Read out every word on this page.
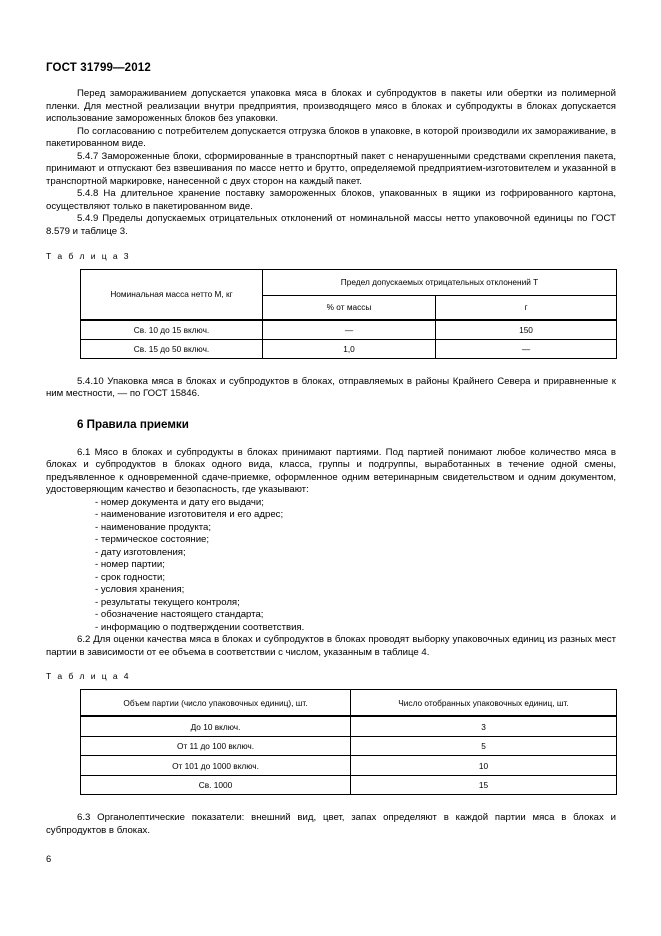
ГОСТ 31799—2012

Перед замораживанием допускается упаковка мяса в блоках и субпродуктов в пакеты или обертки из полимерной пленки. Для местной реализации внутри предприятия, производящего мясо в блоках и субпродукты в блоках допускается использование замороженных блоков без упаковки.

По согласованию с потребителем допускается отгрузка блоков в упаковке, в которой производили их замораживание, в пакетированном виде.

5.4.7 Замороженные блоки, сформированные в транспортный пакет с ненарушенными средствами скрепления пакета, принимают и отпускают без взвешивания по массе нетто и брутто, определяемой предприятием-изготовителем и указанной в транспортной маркировке, нанесенной с двух сторон на каждый пакет.

5.4.8 На длительное хранение поставку замороженных блоков, упакованных в ящики из гофрированного картона, осуществляют только в пакетированном виде.

5.4.9 Пределы допускаемых отрицательных отклонений от номинальной массы нетто упаковочной единицы по ГОСТ 8.579 и таблице 3.

Т а б л и ц а 3

Номинальная масса нетто М, кг	Предел допускаемых отрицательных отклонений Т	
	% от массы	г
Св. 10 до 15 включ.	—	150
Св. 15 до 50 включ.	1,0	—

5.4.10 Упаковка мяса в блоках и субпродуктов в блоках, отправляемых в районы Крайнего Севера и приравненные к ним местности, — по ГОСТ 15846.

6 Правила приемки

6.1 Мясо в блоках и субпродукты в блоках принимают партиями. Под партией понимают любое количество мяса в блоках и субпродуктов в блоках одного вида, класса, группы и подгруппы, выработанных в течение одной смены, предъявленное к одновременной сдаче-приемке, оформленное одним ветеринарным свидетельством и одним документом, удостоверяющим качество и безопасность, где указывают:

- номер документа и дату его выдачи;
- наименование изготовителя и его адрес;
- наименование продукта;
- термическое состояние;
- дату изготовления;
- номер партии;
- срок годности;
- условия хранения;
- результаты текущего контроля;
- обозначение настоящего стандарта;
- информацию о подтверждении соответствия.

6.2 Для оценки качества мяса в блоках и субпродуктов в блоках проводят выборку упаковочных единиц из разных мест партии в зависимости от ее объема в соответствии с числом, указанным в таблице 4.

Т а б л и ц а 4

Объем партии (число упаковочных единиц), шт.	Число отобранных упаковочных единиц, шт.
До 10 включ.	3
От 11 до 100 включ.	5
От 101 до 1000 включ.	10
Св. 1000	15

6.3 Органолептические показатели: внешний вид, цвет, запах определяют в каждой партии мяса в блоках и субпродуктов в блоках.

6
